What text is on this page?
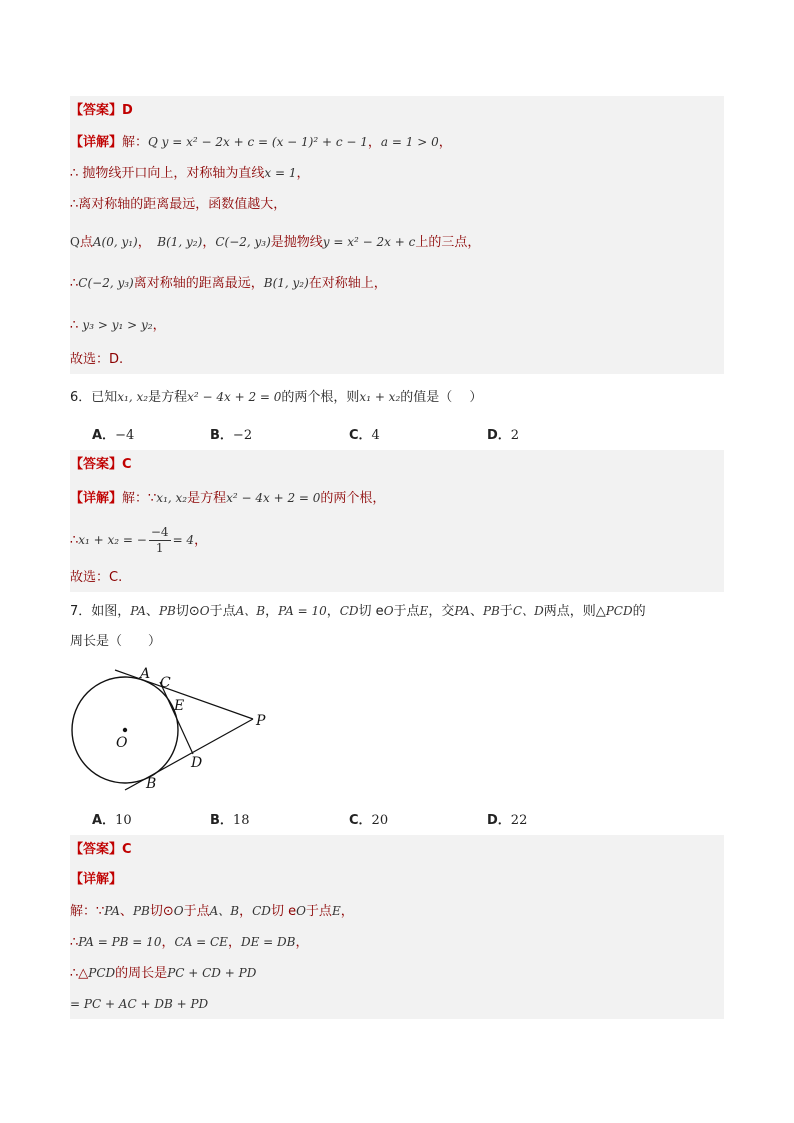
【答案】D
【详解】解：Q y = x² − 2x + c = (x − 1)² + c − 1，a = 1 > 0，
∴ 抛物线开口向上，对称轴为直线x = 1，
∴离对称轴的距离最远，函数值越大，
Q点A(0, y₁)，　B(1, y₂)，C(−2, y₃)是抛物线y = x² − 2x + c上的三点，
∴C(−2, y₃)离对称轴的距离最远，B(1, y₂)在对称轴上，
∴ y₃ > y₁ > y₂，
故选：D.
6．已知x₁, x₂是方程x² − 4x + 2 = 0的两个根，则x₁ + x₂的值是（　 ）
A．−4	B．−2	C．4	D．2
【答案】C
【详解】解：∵x₁, x₂是方程x² − 4x + 2 = 0的两个根，
∴x₁ + x₂ = − $\frac{-4}{1} = 4$，
故选：C.
7．如图，PA、PB切⊙O于点A、B，PA = 10，CD切 eO于点E，交PA、PB于C、D两点，则△PCD的
周长是（　　）
A
C
E
P
O
D
B
A．10	B．18	C．20	D．22
【答案】C
【详解】
解：∵PA、PB切⊙O于点A、B，CD切 eO于点E，
∴PA = PB = 10，CA = CE，DE = DB，
∴△PCD的周长是PC + CD + PD
= PC + AC + DB + PD
